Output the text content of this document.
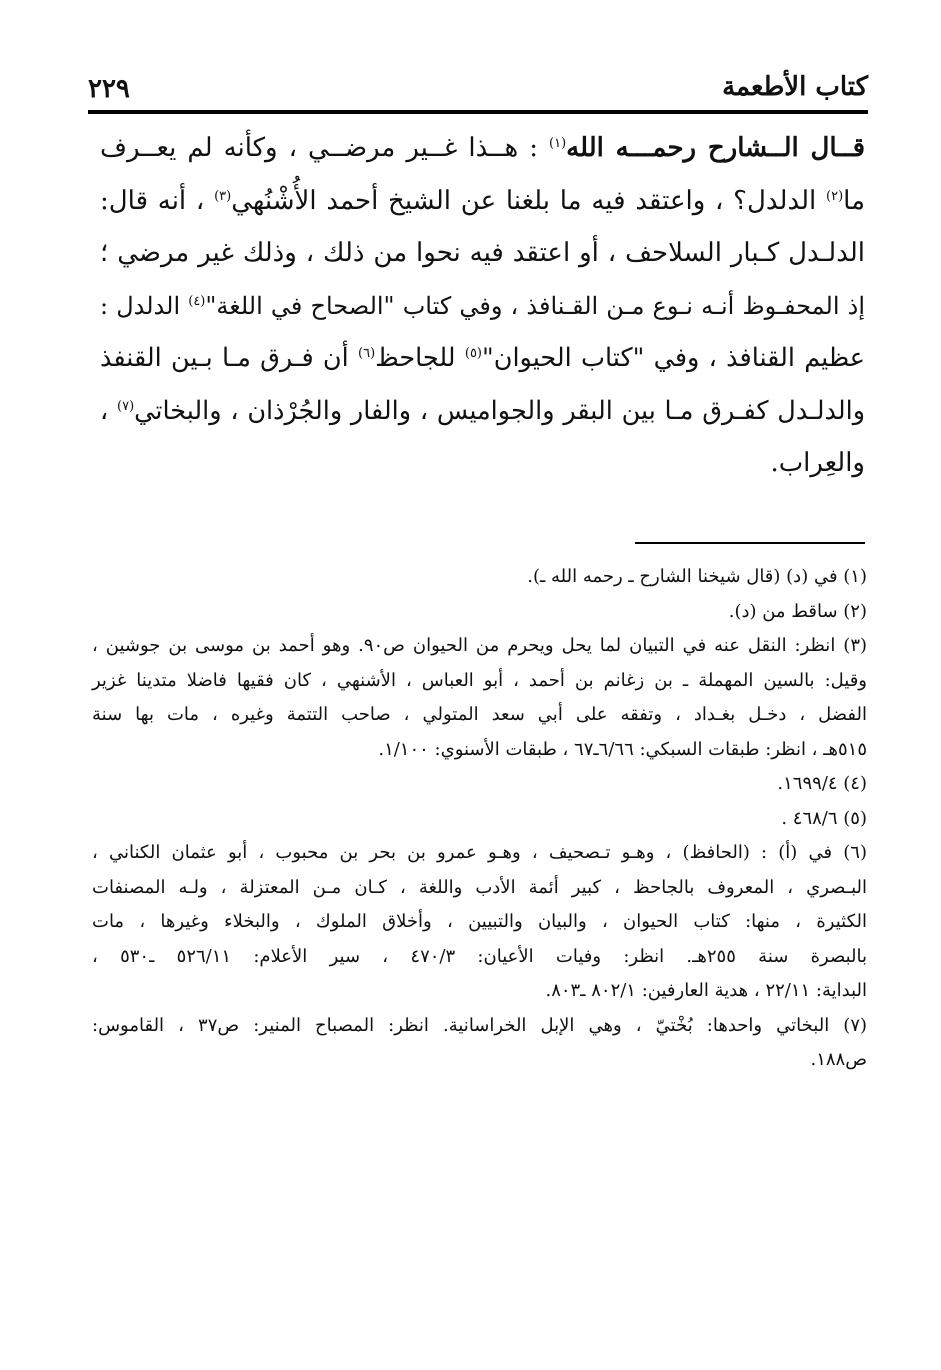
٢٢٩	كتاب الأطعمة
قــال الــشارح رحمـــه الله$^{(١)}$ : هــذا غــير مرضــي ، وكأنه لم يعــرف
ما$^{(٢)}$ الدلدل؟ ، واعتقد فيه ما بلغنا عن الشيخ أحمد الأُشْنُهي$^{(٣)}$ ، أنه قال:
الدلـدل كـبار السلاحف ، أو اعتقد فيه نحوا من ذلك ، وذلك غير مرضي ؛
إذ المحفـوظ أنـه نـوع مـن القـنافذ ، وفي كتاب "الصحاح في اللغة"$^{(٤)}$ الدلدل :
عظيم القنافذ ، وفي "كتاب الحيوان"$^{(٥)}$ للجاحظ$^{(٦)}$ أن فـرق مـا بـين القنفذ
والدلـدل كفـرق مـا بين البقر والجواميس ، والفار والجُرْذان ، والبخاتي$^{(٧)}$ ،
والعِراب.
(١) في (د) (قال شيخنا الشارح ـ رحمه الله ـ).
(٢) ساقط من (د).
(٣) انظر: النقل عنه في التبيان لما يحل ويحرم من الحيوان ص٩٠. وهو أحمد بن موسى بن جوشين ،
وقيل: بالسين المهملة ـ بن زغانم بن أحمد ، أبو العباس ، الأشنهي ، كان فقيها فاضلا متدينا غزير
الفضل ، دخـل بغـداد ، وتفقه على أبي سعد المتولي ، صاحب التتمة وغيره ، مات بها سنة
٥١٥هـ ، انظر: طبقات السبكي: ٦/٦٦ـ٦٧ ، طبقات الأسنوي: ١/١٠٠.
(٤) ١٦٩٩/٤.
(٥) ٤٦٨/٦ .
(٦) في (أ) : (الحافظ) ، وهـو تـصحيف ، وهـو عمرو بن بحر بن محبوب ، أبو عثمان الكناني ،
البـصري ، المعروف بالجاحظ ، كبير أئمة الأدب واللغة ، كـان مـن المعتزلة ، ولـه المصنفات
الكثيرة ، منها: كتاب الحيوان ، والبيان والتبيين ، وأخلاق الملوك ، والبخلاء وغيرها ، مات
بالبصرة سنة ٢٥٥هـ. انظر: وفيات الأعيان: ٤٧٠/٣ ، سير الأعلام: ٥٢٦/١١ ـ٥٣٠ ،
البداية: ٢٢/١١ ، هدية العارفين: ٨٠٢/١ ـ٨٠٣.
(٧) البخاتي واحدها: بُخْتيّ ، وهي الإبل الخراسانية. انظر: المصباح المنير: ص٣٧ ، القاموس:
ص١٨٨.
